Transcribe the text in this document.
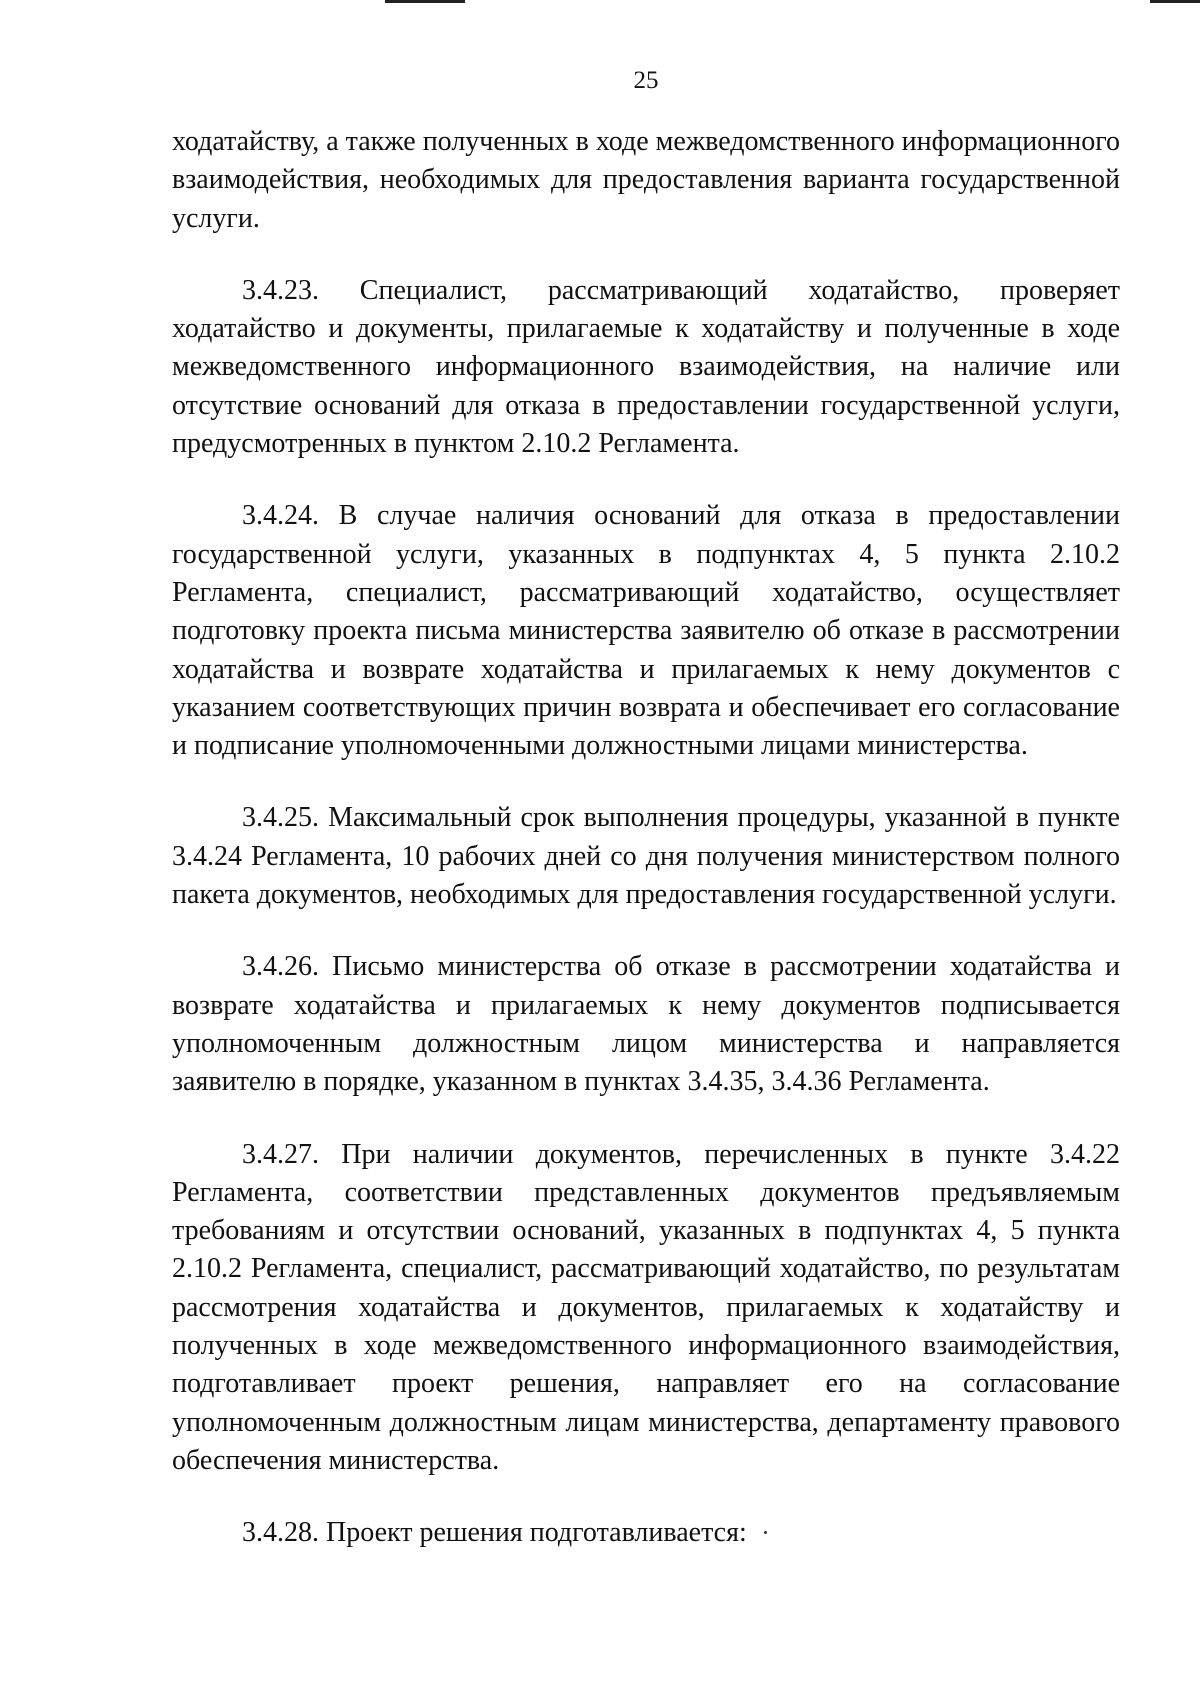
25

ходатайству, а также полученных в ходе межведомственного информационного взаимодействия, необходимых для предоставления варианта государственной услуги.

3.4.23. Специалист, рассматривающий ходатайство, проверяет ходатайство и документы, прилагаемые к ходатайству и полученные в ходе межведомственного информационного взаимодействия, на наличие или отсутствие оснований для отказа в предоставлении государственной услуги, предусмотренных в пунктом 2.10.2 Регламента.

3.4.24. В случае наличия оснований для отказа в предоставлении государственной услуги, указанных в подпунктах 4, 5 пункта 2.10.2 Регламента, специалист, рассматривающий ходатайство, осуществляет подготовку проекта письма министерства заявителю об отказе в рассмотрении ходатайства и возврате ходатайства и прилагаемых к нему документов с указанием соответствующих причин возврата и обеспечивает его согласование и подписание уполномоченными должностными лицами министерства.

3.4.25. Максимальный срок выполнения процедуры, указанной в пункте 3.4.24 Регламента, 10 рабочих дней со дня получения министерством полного пакета документов, необходимых для предоставления государственной услуги.

3.4.26. Письмо министерства об отказе в рассмотрении ходатайства и возврате ходатайства и прилагаемых к нему документов подписывается уполномоченным должностным лицом министерства и направляется заявителю в порядке, указанном в пунктах 3.4.35, 3.4.36 Регламента.

3.4.27. При наличии документов, перечисленных в пункте 3.4.22 Регламента, соответствии представленных документов предъявляемым требованиям и отсутствии оснований, указанных в подпунктах 4, 5 пункта 2.10.2 Регламента, специалист, рассматривающий ходатайство, по результатам рассмотрения ходатайства и документов, прилагаемых к ходатайству и полученных в ходе межведомственного информационного взаимодействия, подготавливает проект решения, направляет его на согласование уполномоченным должностным лицам министерства, департаменту правового обеспечения министерства.

3.4.28. Проект решения подготавливается:
